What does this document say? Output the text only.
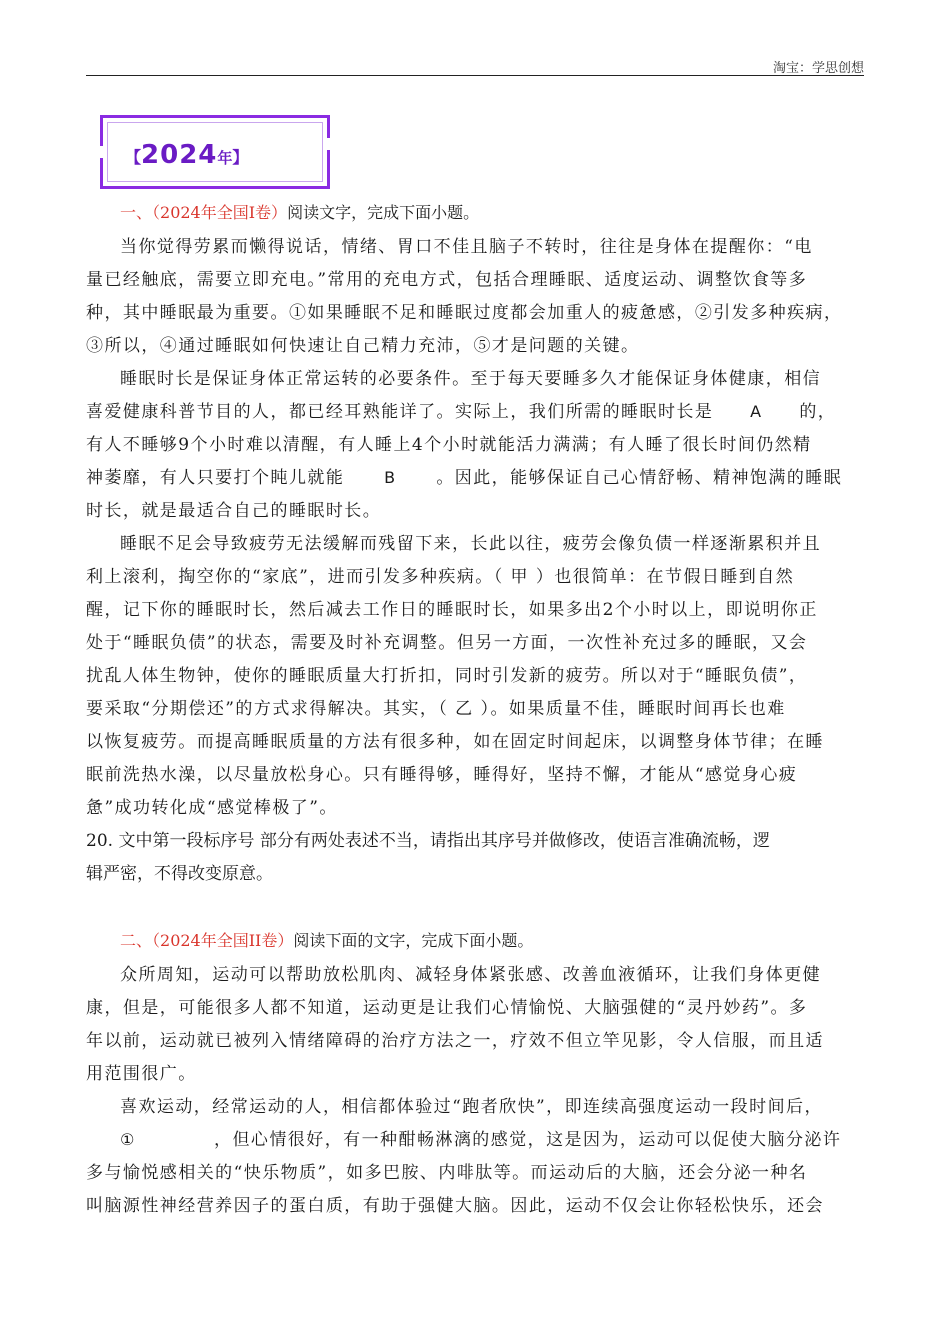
淘宝：学思创想
【2024年】
一、（2024年全国I卷）阅读文字，完成下面小题。
当你觉得劳累而懒得说话，情绪、胃口不佳且脑子不转时，往往是身体在提醒你：“电
量已经触底，需要立即充电。”常用的充电方式，包括合理睡眠、适度运动、调整饮食等多
种，其中睡眠最为重要。①如果睡眠不足和睡眠过度都会加重人的疲惫感，②引发多种疾病，
③所以，④通过睡眠如何快速让自己精力充沛，⑤才是问题的关键。
睡眠时长是保证身体正常运转的必要条件。至于每天要睡多久才能保证身体健康，相信
喜爱健康科普节目的人，都已经耳熟能详了。实际上，我们所需的睡眠时长是 A 的，
有人不睡够9个小时难以清醒，有人睡上4个小时就能活力满满；有人睡了很长时间仍然精
神萎靡，有人只要打个盹儿就能 B 。因此，能够保证自己心情舒畅、精神饱满的睡眠
时长，就是最适合自己的睡眠时长。
睡眠不足会导致疲劳无法缓解而残留下来，长此以往，疲劳会像负债一样逐渐累积并且
利上滚利，掏空你的“家底”，进而引发多种疾病。（ 甲 ）也很简单：在节假日睡到自然
醒，记下你的睡眠时长，然后减去工作日的睡眠时长，如果多出2个小时以上，即说明你正
处于“睡眠负债”的状态，需要及时补充调整。但另一方面，一次性补充过多的睡眠，又会
扰乱人体生物钟，使你的睡眠质量大打折扣，同时引发新的疲劳。所以对于“睡眠负债”，
要采取“分期偿还”的方式求得解决。其实，（ 乙 ）。如果质量不佳，睡眠时间再长也难
以恢复疲劳。而提高睡眠质量的方法有很多种，如在固定时间起床，以调整身体节律；在睡
眠前洗热水澡，以尽量放松身心。只有睡得够，睡得好，坚持不懈，才能从“感觉身心疲
惫”成功转化成“感觉棒极了”。
20. 文中第一段标序号 部分有两处表述不当，请指出其序号并做修改，使语言准确流畅，逻
辑严密，不得改变原意。
二、（2024年全国II卷）阅读下面的文字，完成下面小题。
众所周知，运动可以帮助放松肌肉、减轻身体紧张感、改善血液循环，让我们身体更健
康，但是，可能很多人都不知道，运动更是让我们心情愉悦、大脑强健的“灵丹妙药”。多
年以前，运动就已被列入情绪障碍的治疗方法之一，疗效不但立竿见影，令人信服，而且适
用范围很广。
喜欢运动，经常运动的人，相信都体验过“跑者欣快”，即连续高强度运动一段时间后，
①	，但心情很好，有一种酣畅淋漓的感觉，这是因为，运动可以促使大脑分泌许
多与愉悦感相关的“快乐物质”，如多巴胺、内啡肽等。而运动后的大脑，还会分泌一种名
叫脑源性神经营养因子的蛋白质，有助于强健大脑。因此，运动不仅会让你轻松快乐，还会
